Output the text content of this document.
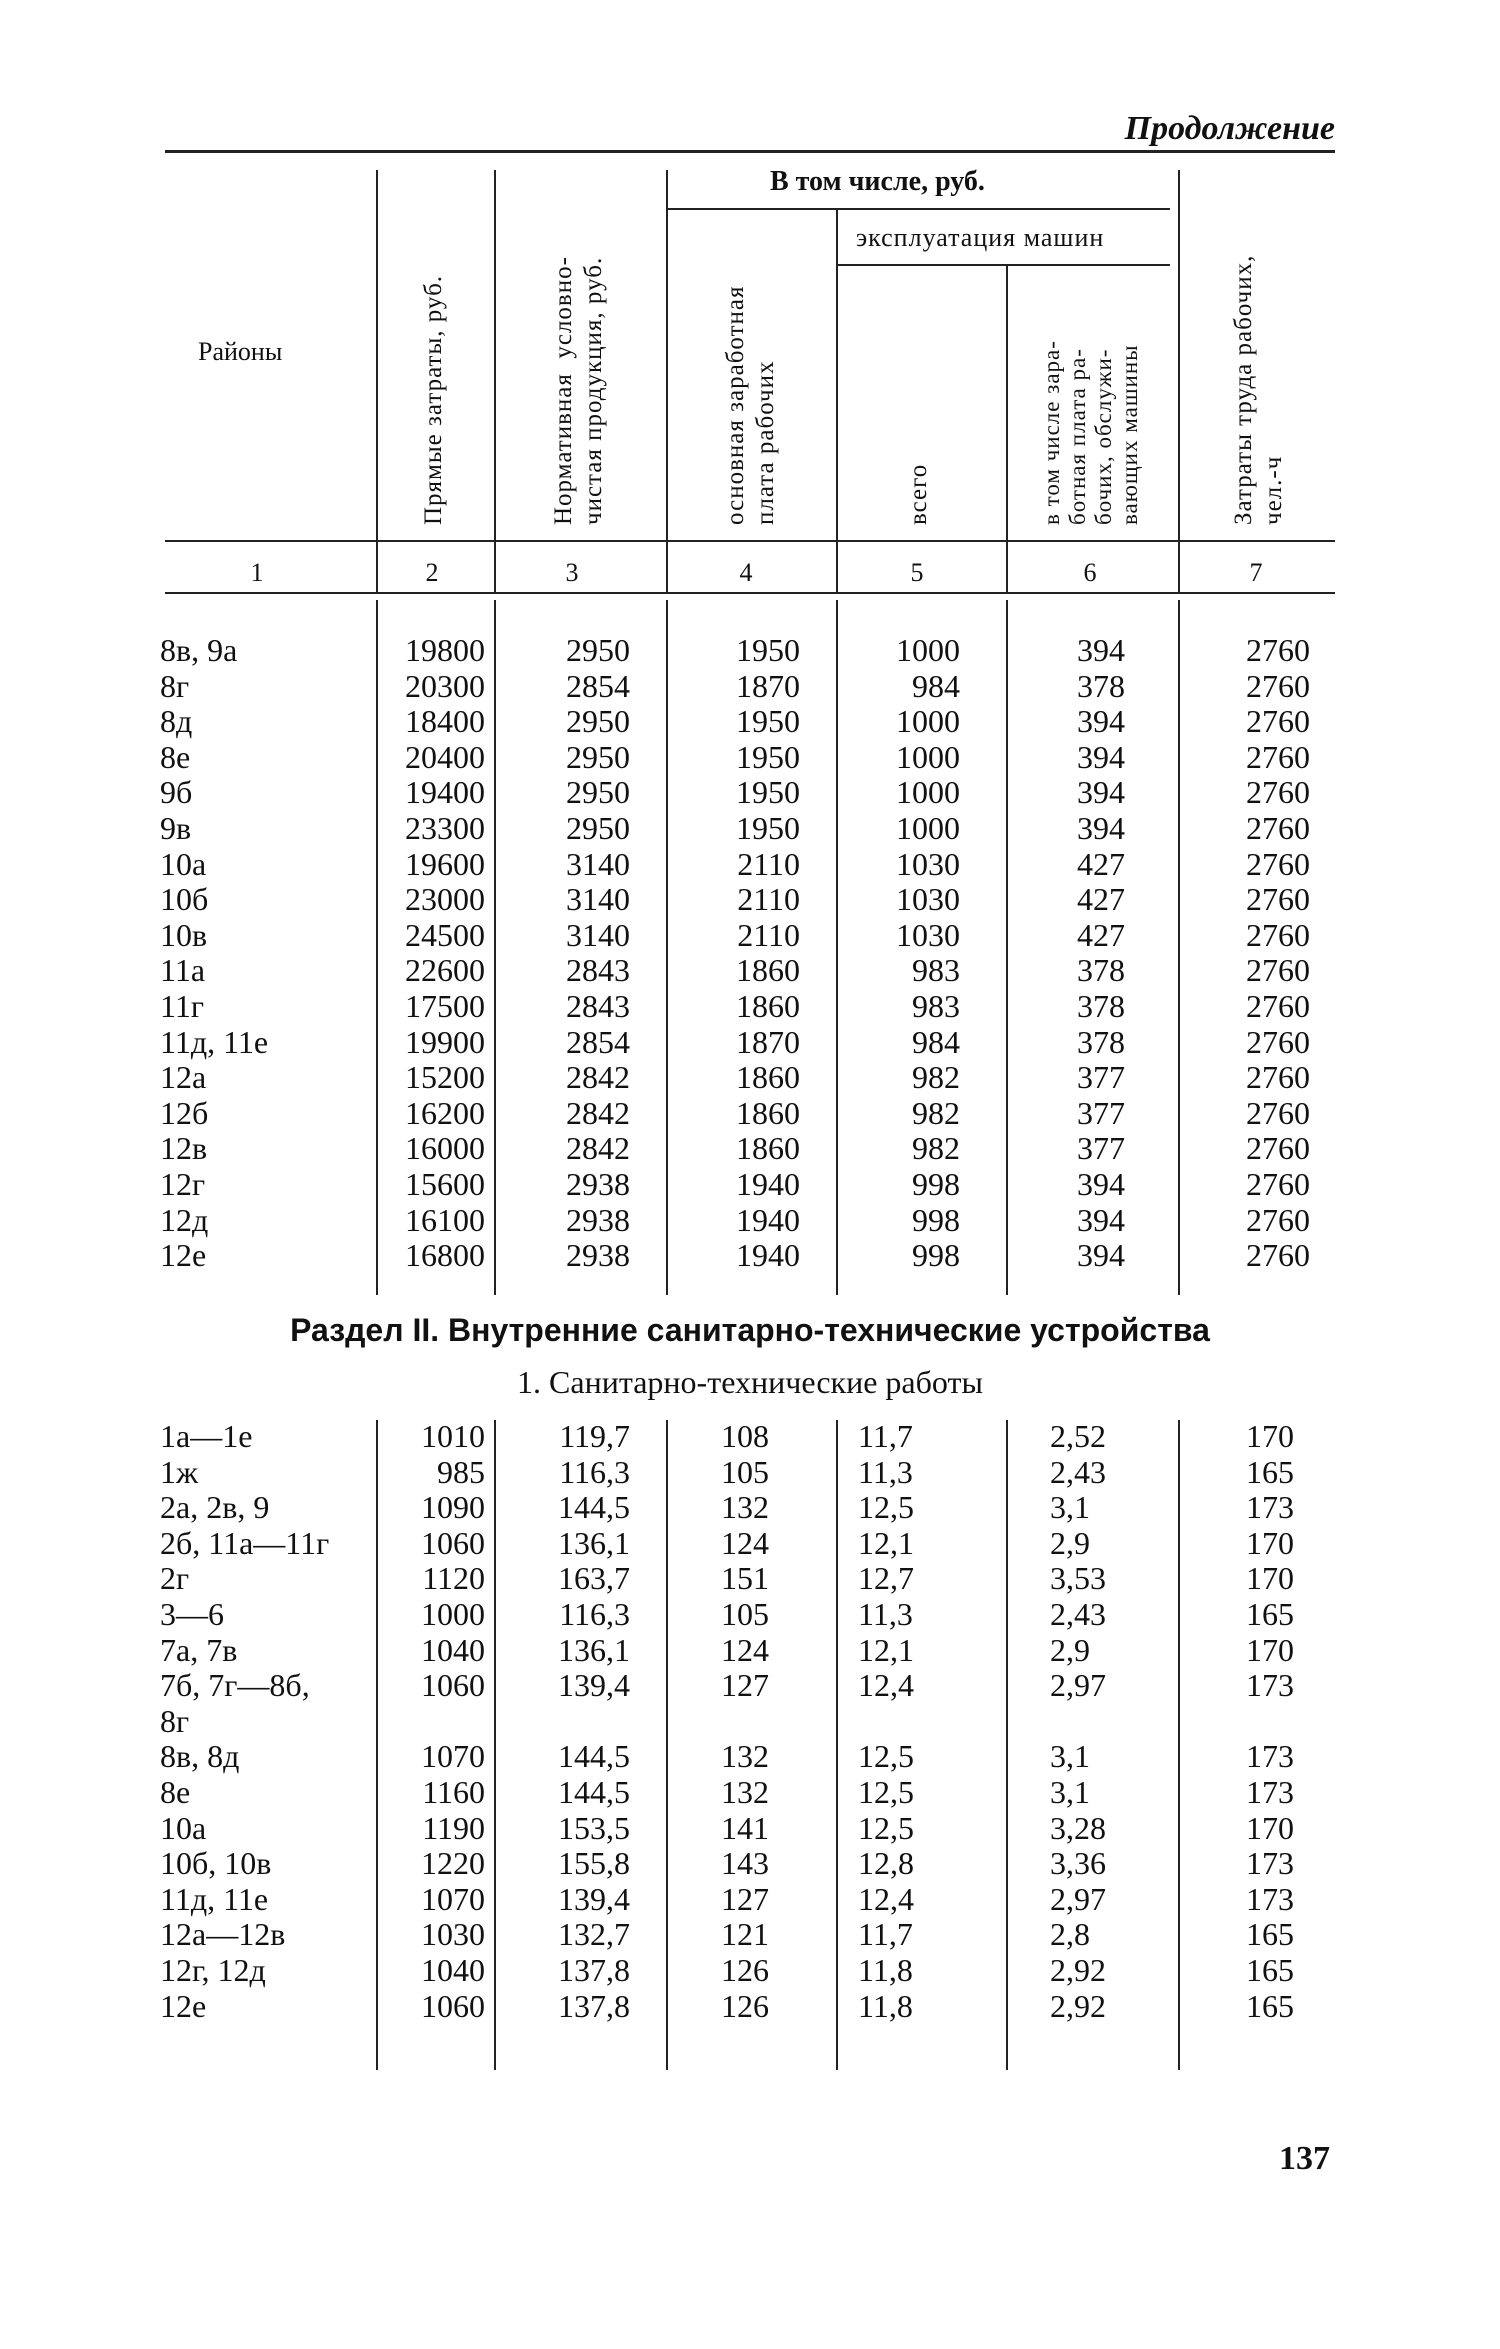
Продолжение
Районы	Прямые затраты, руб.	Нормативная  условно- чистая продукция, руб.
В том числе, руб.
основная заработная плата рабочих
эксплуатация машин
всего	в том числе зара- ботная плата ра- бочих, обслужи- вающих машины	Затраты труда рабочих, чел.-ч
1	2	3	4	5	6	7
8в, 9а	19800	2950	1950	1000	394	2760
8г	20300	2854	1870	984	378	2760
8д	18400	2950	1950	1000	394	2760
8е	20400	2950	1950	1000	394	2760
9б	19400	2950	1950	1000	394	2760
9в	23300	2950	1950	1000	394	2760
10а	19600	3140	2110	1030	427	2760
10б	23000	3140	2110	1030	427	2760
10в	24500	3140	2110	1030	427	2760
11а	22600	2843	1860	983	378	2760
11г	17500	2843	1860	983	378	2760
11д, 11е	19900	2854	1870	984	378	2760
12а	15200	2842	1860	982	377	2760
12б	16200	2842	1860	982	377	2760
12в	16000	2842	1860	982	377	2760
12г	15600	2938	1940	998	394	2760
12д	16100	2938	1940	998	394	2760
12е	16800	2938	1940	998	394	2760
Раздел II. Внутренние санитарно-технические устройства
1. Санитарно-технические работы
1а—1е	1010	119,7	108	11,7	2,52	170
1ж	985	116,3	105	11,3	2,43	165
2а, 2в, 9	1090	144,5	132	12,5	3,1	173
2б, 11а—11г	1060	136,1	124	12,1	2,9	170
2г	1120	163,7	151	12,7	3,53	170
3—6	1000	116,3	105	11,3	2,43	165
7а, 7в	1040	136,1	124	12,1	2,9	170
7б, 7г—8б,	1060	139,4	127	12,4	2,97	173
8г
8в, 8д	1070	144,5	132	12,5	3,1	173
8е	1160	144,5	132	12,5	3,1	173
10а	1190	153,5	141	12,5	3,28	170
10б, 10в	1220	155,8	143	12,8	3,36	173
11д, 11е	1070	139,4	127	12,4	2,97	173
12а—12в	1030	132,7	121	11,7	2,8	165
12г, 12д	1040	137,8	126	11,8	2,92	165
12е	1060	137,8	126	11,8	2,92	165
137
